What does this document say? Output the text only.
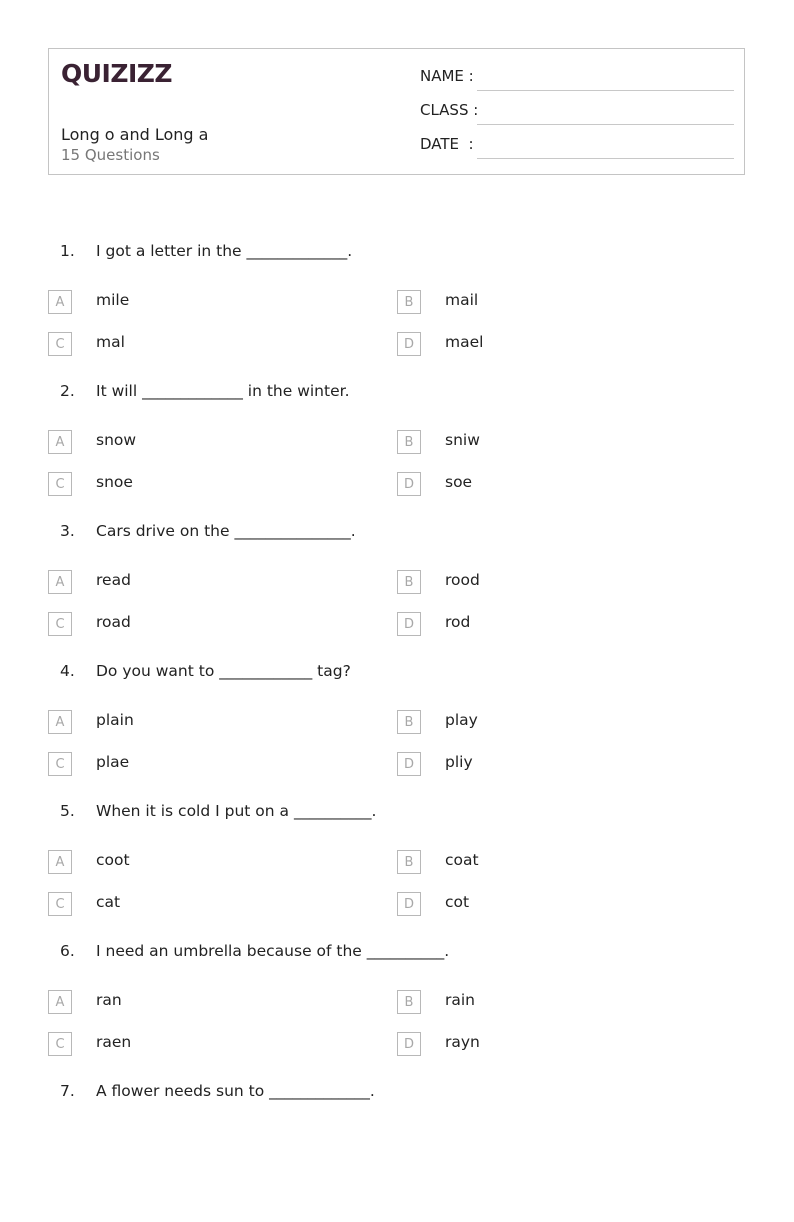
QUIZIZZ
Long o and Long a
15 Questions
NAME :
CLASS :
DATE  :
1. I got a letter in the _____________.
A	mile	B	mail
C	mal	D	mael
2. It will _____________ in the winter.
A	snow	B	sniw
C	snoe	D	soe
3. Cars drive on the _______________.
A	read	B	rood
C	road	D	rod
4. Do you want to ____________ tag?
A	plain	B	play
C	plae	D	pliy
5. When it is cold I put on a __________.
A	coot	B	coat
C	cat	D	cot
6. I need an umbrella because of the __________.
A	ran	B	rain
C	raen	D	rayn
7. A flower needs sun to _____________.
